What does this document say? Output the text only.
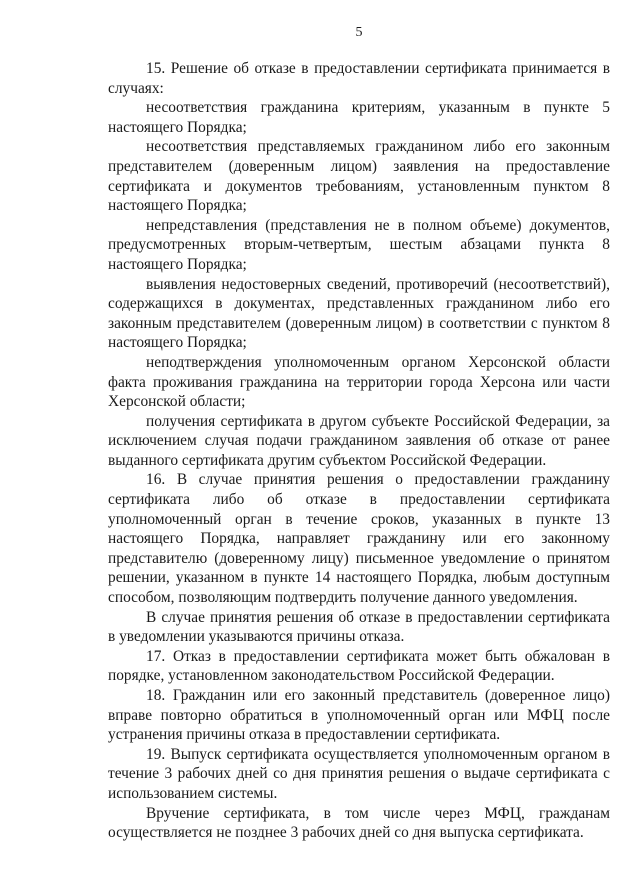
5

15. Решение об отказе в предоставлении сертификата принимается в случаях:

несоответствия гражданина критериям, указанным в пункте 5 настоящего Порядка;

несоответствия представляемых гражданином либо его законным представителем (доверенным лицом) заявления на предоставление сертификата и документов требованиям, установленным пунктом 8 настоящего Порядка;

непредставления (представления не в полном объеме) документов, предусмотренных вторым-четвертым, шестым абзацами пункта 8 настоящего Порядка;

выявления недостоверных сведений, противоречий (несоответствий), содержащихся в документах, представленных гражданином либо его законным представителем (доверенным лицом) в соответствии с пунктом 8 настоящего Порядка;

неподтверждения уполномоченным органом Херсонской области факта проживания гражданина на территории города Херсона или части Херсонской области;

получения сертификата в другом субъекте Российской Федерации, за исключением случая подачи гражданином заявления об отказе от ранее выданного сертификата другим субъектом Российской Федерации.

16. В случае принятия решения о предоставлении гражданину сертификата либо об отказе в предоставлении сертификата уполномоченный орган в течение сроков, указанных в пункте 13 настоящего Порядка, направляет гражданину или его законному представителю (доверенному лицу) письменное уведомление о принятом решении, указанном в пункте 14 настоящего Порядка, любым доступным способом, позволяющим подтвердить получение данного уведомления.

В случае принятия решения об отказе в предоставлении сертификата в уведомлении указываются причины отказа.

17. Отказ в предоставлении сертификата может быть обжалован в порядке, установленном законодательством Российской Федерации.

18. Гражданин или его законный представитель (доверенное лицо) вправе повторно обратиться в уполномоченный орган или МФЦ после устранения причины отказа в предоставлении сертификата.

19. Выпуск сертификата осуществляется уполномоченным органом в течение 3 рабочих дней со дня принятия решения о выдаче сертификата с использованием системы.

Вручение сертификата, в том числе через МФЦ, гражданам осуществляется не позднее 3 рабочих дней со дня выпуска сертификата.
